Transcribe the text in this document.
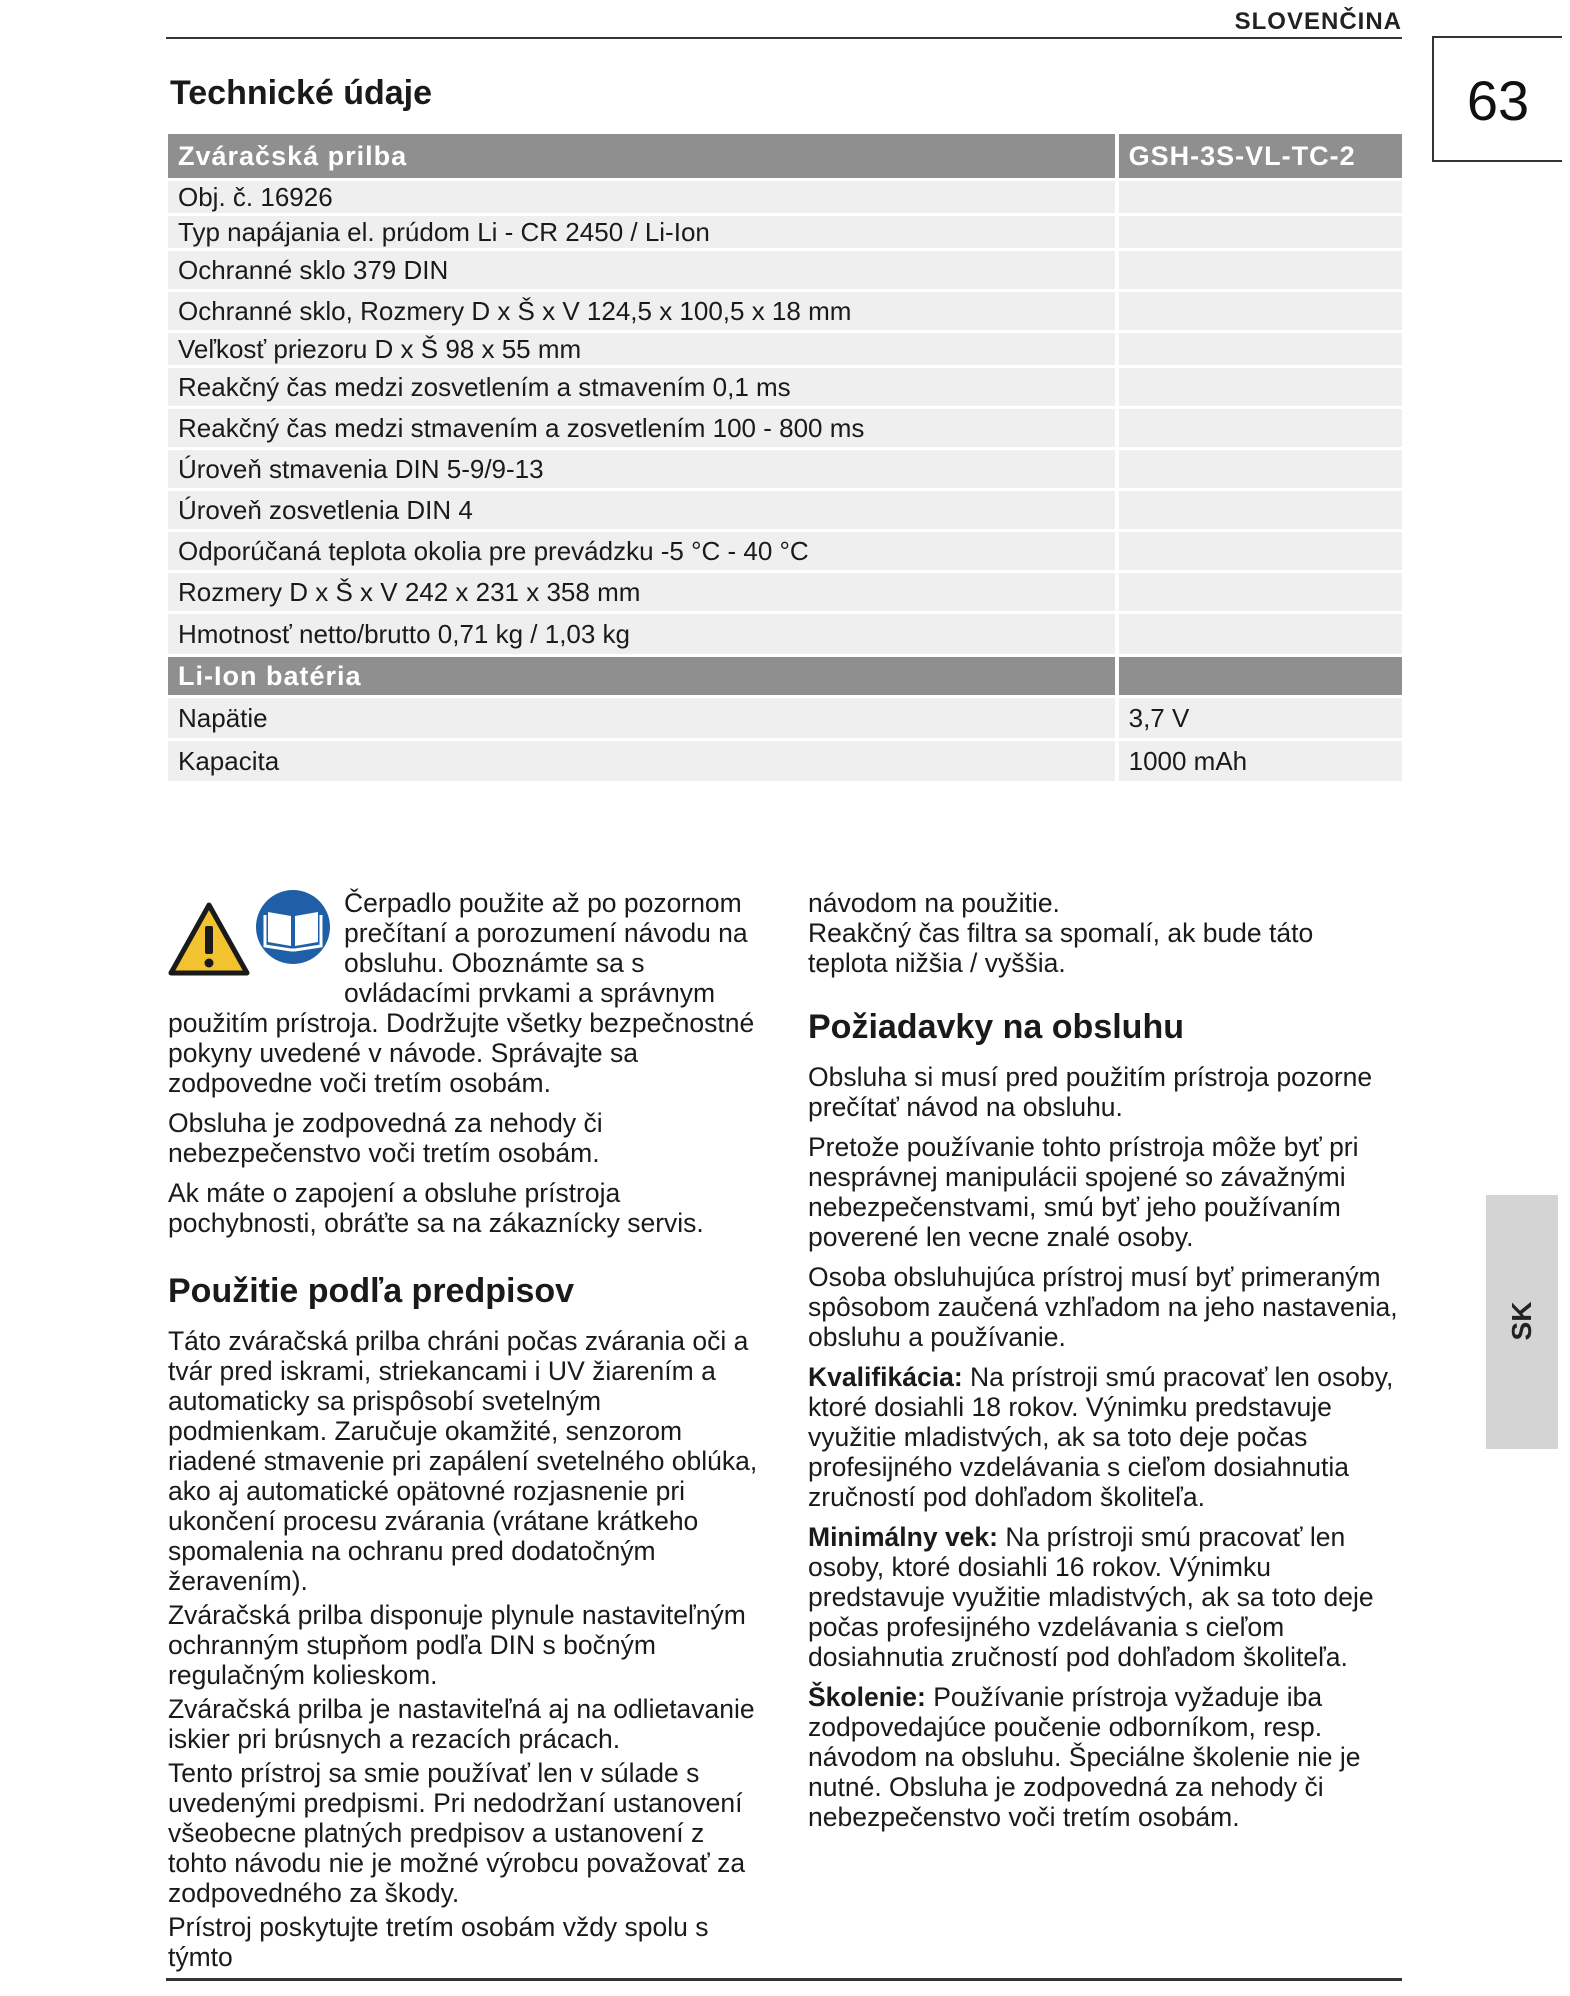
SLOVENČINA
63
Technické údaje
Zváračská prilba	GSH-3S-VL-TC-2
Obj. č. 16926	
Typ napájania el. prúdom Li - CR 2450 / Li-Ion	
Ochranné sklo 379 DIN	
Ochranné sklo, Rozmery D x Š x V 124,5 x 100,5 x 18 mm	
Veľkosť priezoru D x Š 98 x 55 mm	
Reakčný čas medzi zosvetlením a stmavením 0,1 ms	
Reakčný čas medzi stmavením a zosvetlením 100 - 800 ms	
Úroveň stmavenia DIN 5-9/9-13	
Úroveň zosvetlenia DIN 4	
Odporúčaná teplota okolia pre prevádzku -5 °C - 40 °C	
Rozmery D x Š x V 242 x 231 x 358 mm	
Hmotnosť netto/brutto 0,71 kg / 1,03 kg	
Li-Ion batéria	
Napätie	3,7 V
Kapacita	1000 mAh

Čerpadlo použite až po pozornom prečítaní a porozumení návodu na obsluhu. Oboznámte sa s ovládacími prvkami a správnym použitím prístroja. Dodržujte všetky bezpečnostné pokyny uvedené v návode. Správajte sa zodpovedne voči tretím osobám.

Obsluha je zodpovedná za nehody či nebezpečenstvo voči tretím osobám.

Ak máte o zapojení a obsluhe prístroja pochybnosti, obráťte sa na zákaznícky servis.

Použitie podľa predpisov

Táto zváračská prilba chráni počas zvárania oči a tvár pred iskrami, striekancami i UV žiarením a automaticky sa prispôsobí svetelným podmienkam. Zaručuje okamžité, senzorom riadené stmavenie pri zapálení svetelného oblúka, ako aj automatické opätovné rozjasnenie pri ukončení procesu zvárania (vrátane krátkeho spomalenia na ochranu pred dodatočným žeravením).

Zváračská prilba disponuje plynule nastaviteľným ochranným stupňom podľa DIN s bočným regulačným kolieskom.

Zváračská prilba je nastaviteľná aj na odlietavanie iskier pri brúsnych a rezacích prácach.

Tento prístroj sa smie používať len v súlade s uvedenými predpismi. Pri nedodržaní ustanovení všeobecne platných predpisov a ustanovení z tohto návodu nie je možné výrobcu považovať za zodpovedného za škody.

Prístroj poskytujte tretím osobám vždy spolu s týmto

návodom na použitie.

Reakčný čas filtra sa spomalí, ak bude táto teplota nižšia / vyššia.

Požiadavky na obsluhu

Obsluha si musí pred použitím prístroja pozorne prečítať návod na obsluhu.

Pretože používanie tohto prístroja môže byť pri nesprávnej manipulácii spojené so závažnými nebezpečenstvami, smú byť jeho používaním poverené len vecne znalé osoby.

Osoba obsluhujúca prístroj musí byť primeraným spôsobom zaučená vzhľadom na jeho nastavenia, obsluhu a používanie.

Kvalifikácia: Na prístroji smú pracovať len osoby, ktoré dosiahli 18 rokov. Výnimku predstavuje využitie mladistvých, ak sa toto deje počas profesijného vzdelávania s cieľom dosiahnutia zručností pod dohľadom školiteľa.

Minimálny vek: Na prístroji smú pracovať len osoby, ktoré dosiahli 16 rokov. Výnimku predstavuje využitie mladistvých, ak sa toto deje počas profesijného vzdelávania s cieľom dosiahnutia zručností pod dohľadom školiteľa.

Školenie: Používanie prístroja vyžaduje iba zodpovedajúce poučenie odborníkom, resp. návodom na obsluhu. Špeciálne školenie nie je nutné. Obsluha je zodpovedná za nehody či nebezpečenstvo voči tretím osobám.

SK
